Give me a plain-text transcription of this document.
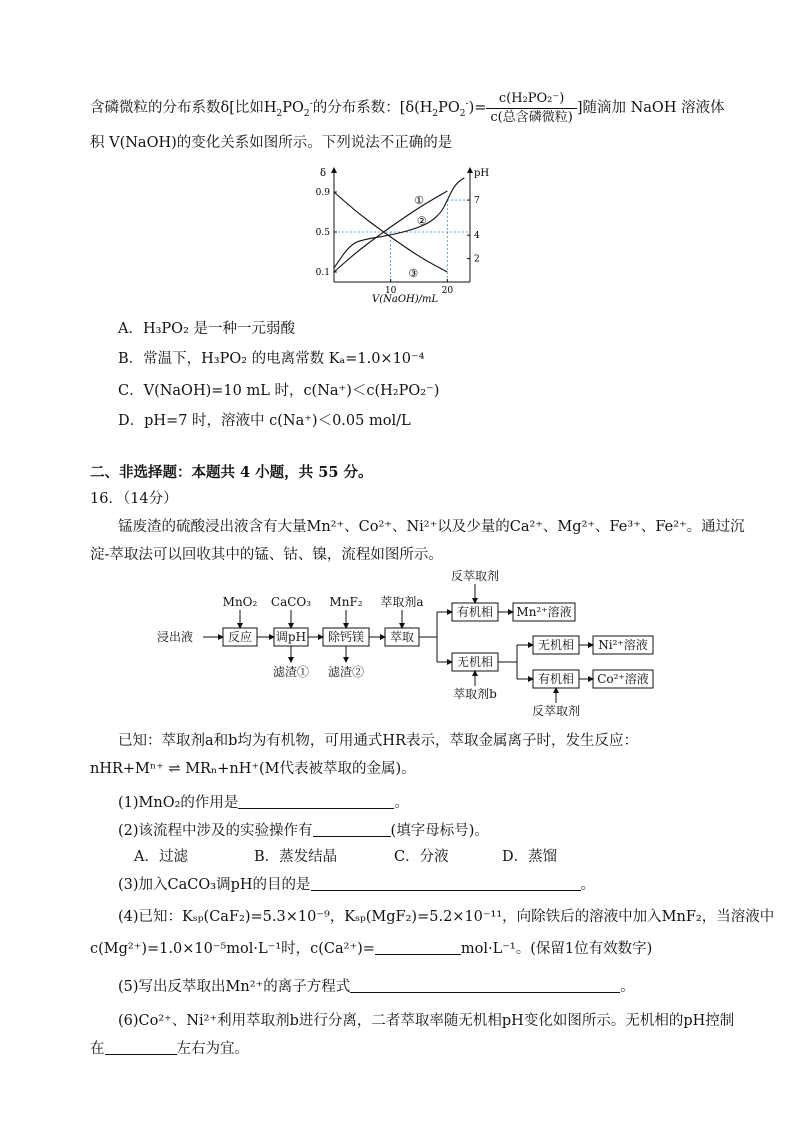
含磷微粒的分布系数δ[比如$H_2PO_2^-$的分布系数：[$\delta(H_2PO_2^-)= \frac{\text{c(H₂PO₂⁻)}}{\text{c(总含磷微粒)}}$ ]随滴加 NaOH 溶液体
积 V(NaOH)的变化关系如图所示。下列说法不正确的是
δ	pH
V(NaOH)/mL
0.9
0.5
0.1
7
4
2
10	20
①
②
③
A．H₃PO₂ 是一种一元弱酸
B．常温下，H₃PO₂ 的电离常数 Kₐ=1.0×10⁻⁴
C．V(NaOH)=10 mL 时，c(Na⁺)＜c(H₂PO₂⁻)
D．pH=7 时，溶液中 c(Na⁺)＜0.05 mol/L
二、非选择题：本题共 4 小题，共 55 分。
16．（14分）
锰废渣的硫酸浸出液含有大量Mn²⁺、Co²⁺、Ni²⁺以及少量的Ca²⁺、Mg²⁺、Fe³⁺、Fe²⁺。通过沉
淀-萃取法可以回收其中的锰、钴、镍，流程如图所示。
浸出液	反应 调pH 除钙镁 萃取
MnO₂ CaCO₃ MnF₂ 萃取剂a
滤渣① 滤渣②
有机相
反萃取剂
Mn²⁺溶液
无机相
萃取剂b
无机相 Ni²⁺溶液
有机相 Co²⁺溶液
反萃取剂
已知：萃取剂a和b均为有机物，可用通式HR表示，萃取金属离子时，发生反应：
nHR+Mⁿ⁺ ⇌ MRₙ+nH⁺(M代表被萃取的金属)。
(1)MnO₂的作用是	。
(2)该流程中涉及的实验操作有	(填字母标号)。
A．过滤	B．蒸发结晶	C．分液	D．蒸馏
(3)加入CaCO₃调pH的目的是	。
(4)已知：Kₛₚ(CaF₂)=5.3×10⁻⁹，Kₛₚ(MgF₂)=5.2×10⁻¹¹，向除铁后的溶液中加入MnF₂，当溶液中
c(Mg²⁺)=1.0×10⁻⁵mol·L⁻¹时，c(Ca²⁺)=	mol·L⁻¹。(保留1位有效数字)
(5)写出反萃取出Mn²⁺的离子方程式	。
(6)Co²⁺、Ni²⁺利用萃取剂b进行分离，二者萃取率随无机相pH变化如图所示。无机相的pH控制
在	左右为宜。
